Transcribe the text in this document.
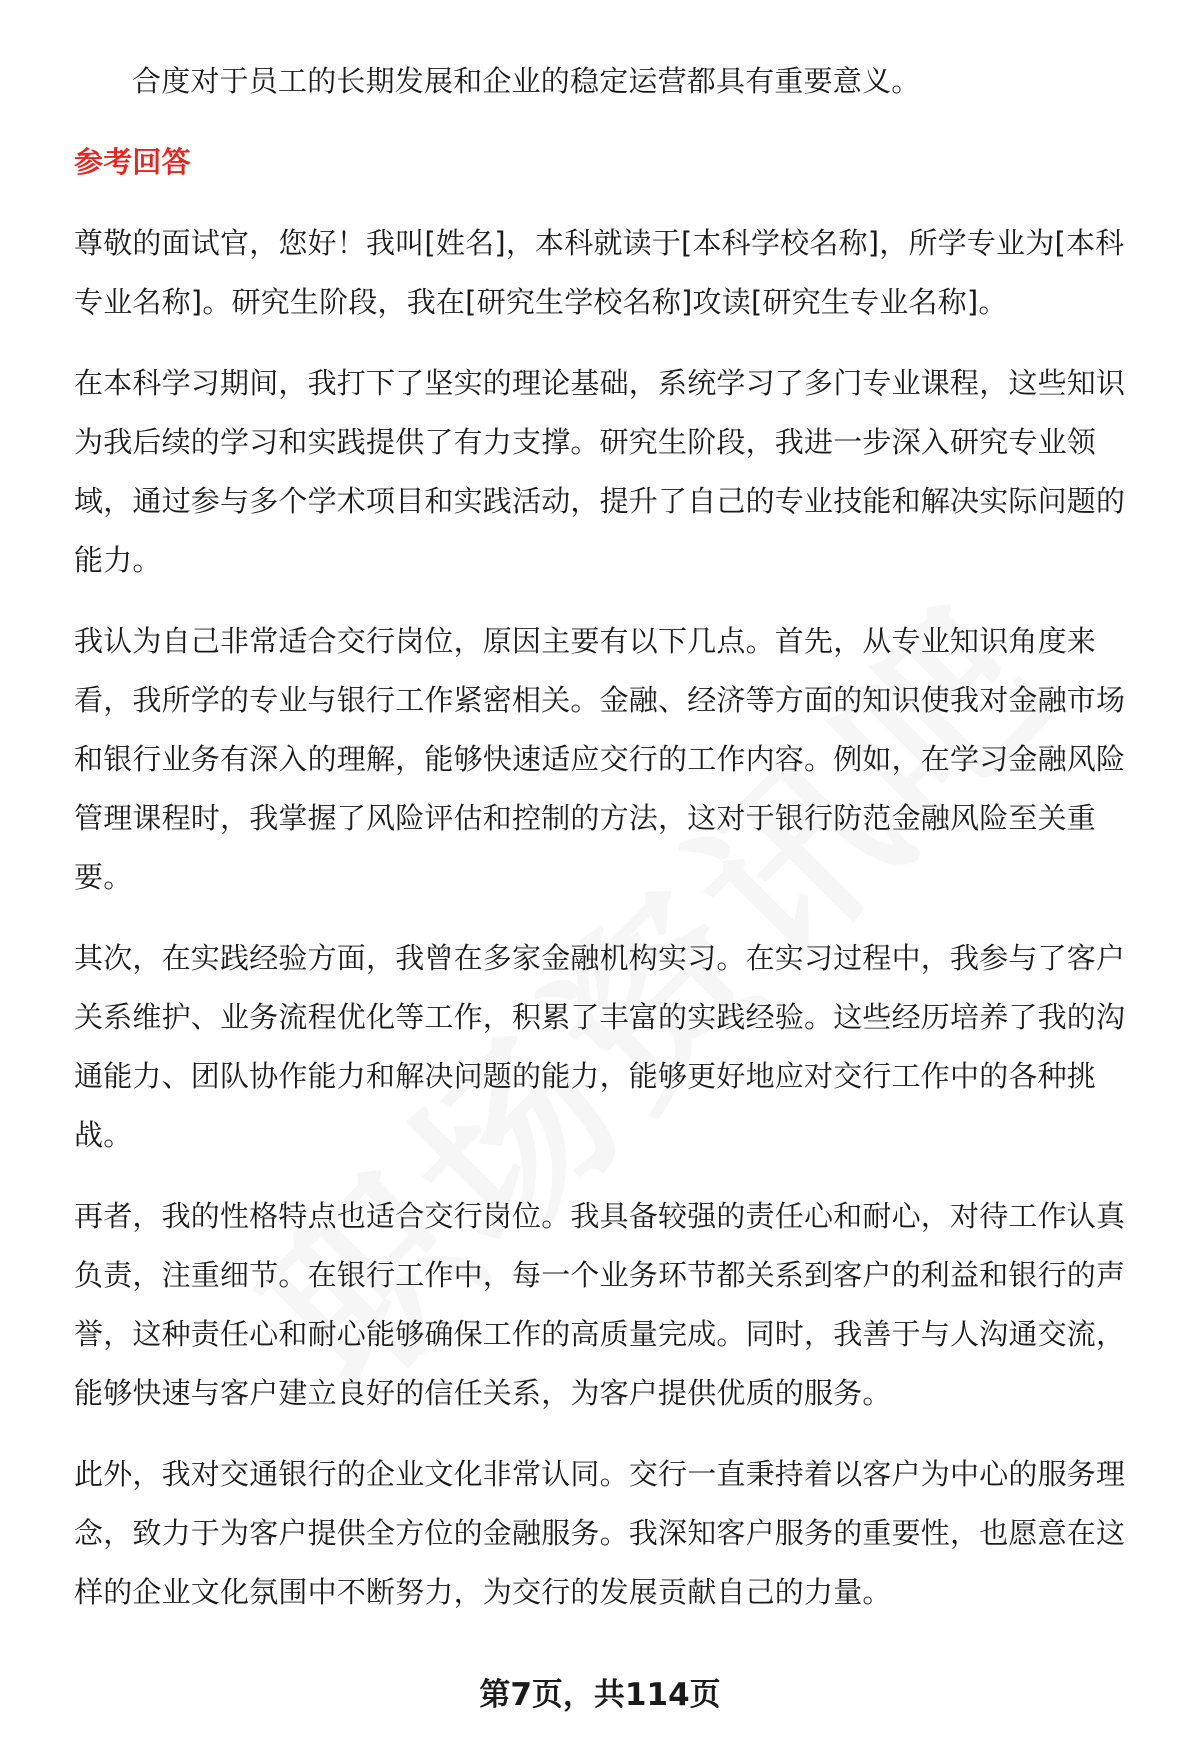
合度对于员工的长期发展和企业的稳定运营都具有重要意义。

参考回答

尊敬的面试官，您好！我叫[姓名]，本科就读于[本科学校名称]，所学专业为[本科专业名称]。研究生阶段，我在[研究生学校名称]攻读[研究生专业名称]。

在本科学习期间，我打下了坚实的理论基础，系统学习了多门专业课程，这些知识为我后续的学习和实践提供了有力支撑。研究生阶段，我进一步深入研究专业领域，通过参与多个学术项目和实践活动，提升了自己的专业技能和解决实际问题的能力。

我认为自己非常适合交行岗位，原因主要有以下几点。首先，从专业知识角度来看，我所学的专业与银行工作紧密相关。金融、经济等方面的知识使我对金融市场和银行业务有深入的理解，能够快速适应交行的工作内容。例如，在学习金融风险管理课程时，我掌握了风险评估和控制的方法，这对于银行防范金融风险至关重要。

其次，在实践经验方面，我曾在多家金融机构实习。在实习过程中，我参与了客户关系维护、业务流程优化等工作，积累了丰富的实践经验。这些经历培养了我的沟通能力、团队协作能力和解决问题的能力，能够更好地应对交行工作中的各种挑战。

再者，我的性格特点也适合交行岗位。我具备较强的责任心和耐心，对待工作认真负责，注重细节。在银行工作中，每一个业务环节都关系到客户的利益和银行的声誉，这种责任心和耐心能够确保工作的高质量完成。同时，我善于与人沟通交流，能够快速与客户建立良好的信任关系，为客户提供优质的服务。

此外，我对交通银行的企业文化非常认同。交行一直秉持着以客户为中心的服务理念，致力于为客户提供全方位的金融服务。我深知客户服务的重要性，也愿意在这样的企业文化氛围中不断努力，为交行的发展贡献自己的力量。

第7页，共114页
